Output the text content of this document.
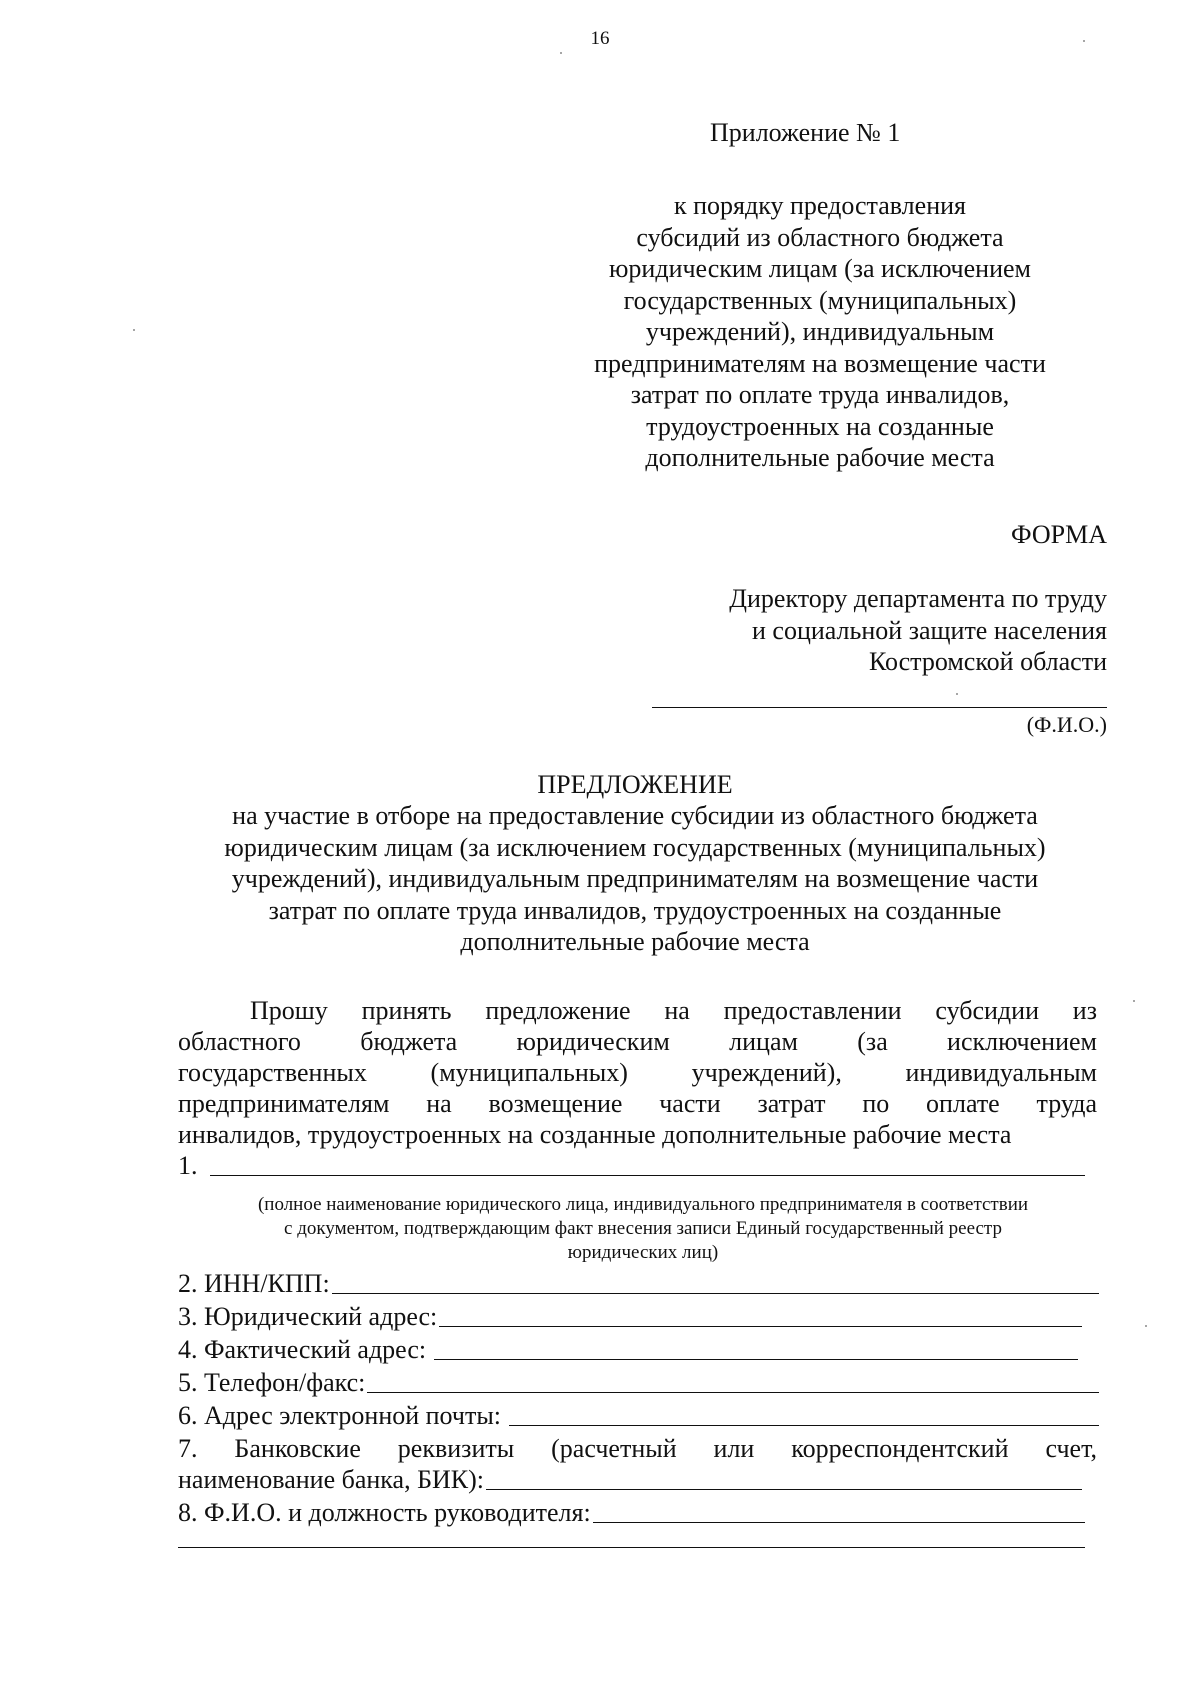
16
Приложение № 1
к порядку предоставления
субсидий из областного бюджета
юридическим лицам (за исключением
государственных (муниципальных)
учреждений), индивидуальным
предпринимателям на возмещение части
затрат по оплате труда инвалидов,
трудоустроенных на созданные
дополнительные рабочие места
ФОРМА
Директору департамента по труду
и социальной защите населения
Костромской области
(Ф.И.О.)
ПРЕДЛОЖЕНИЕ
на участие в отборе на предоставление субсидии из областного бюджета
юридическим лицам (за исключением государственных (муниципальных)
учреждений), индивидуальным предпринимателям на возмещение части
затрат по оплате труда инвалидов, трудоустроенных на созданные
дополнительные рабочие места
Прошу принять предложение на предоставлении субсидии из
областного бюджета юридическим лицам (за исключением
государственных (муниципальных) учреждений), индивидуальным
предпринимателям на возмещение части затрат по оплате труда
инвалидов, трудоустроенных на созданные дополнительные рабочие места
1.
(полное наименование юридического лица, индивидуального предпринимателя в соответствии
с документом, подтверждающим факт внесения записи Единый государственный реестр
юридических лиц)
2. ИНН/КПП:
3. Юридический адрес:
4. Фактический адрес:
5. Телефон/факс:
6. Адрес электронной почты:
7. Банковские реквизиты (расчетный или корреспондентский счет,
наименование банка, БИК):
8. Ф.И.О. и должность руководителя:
